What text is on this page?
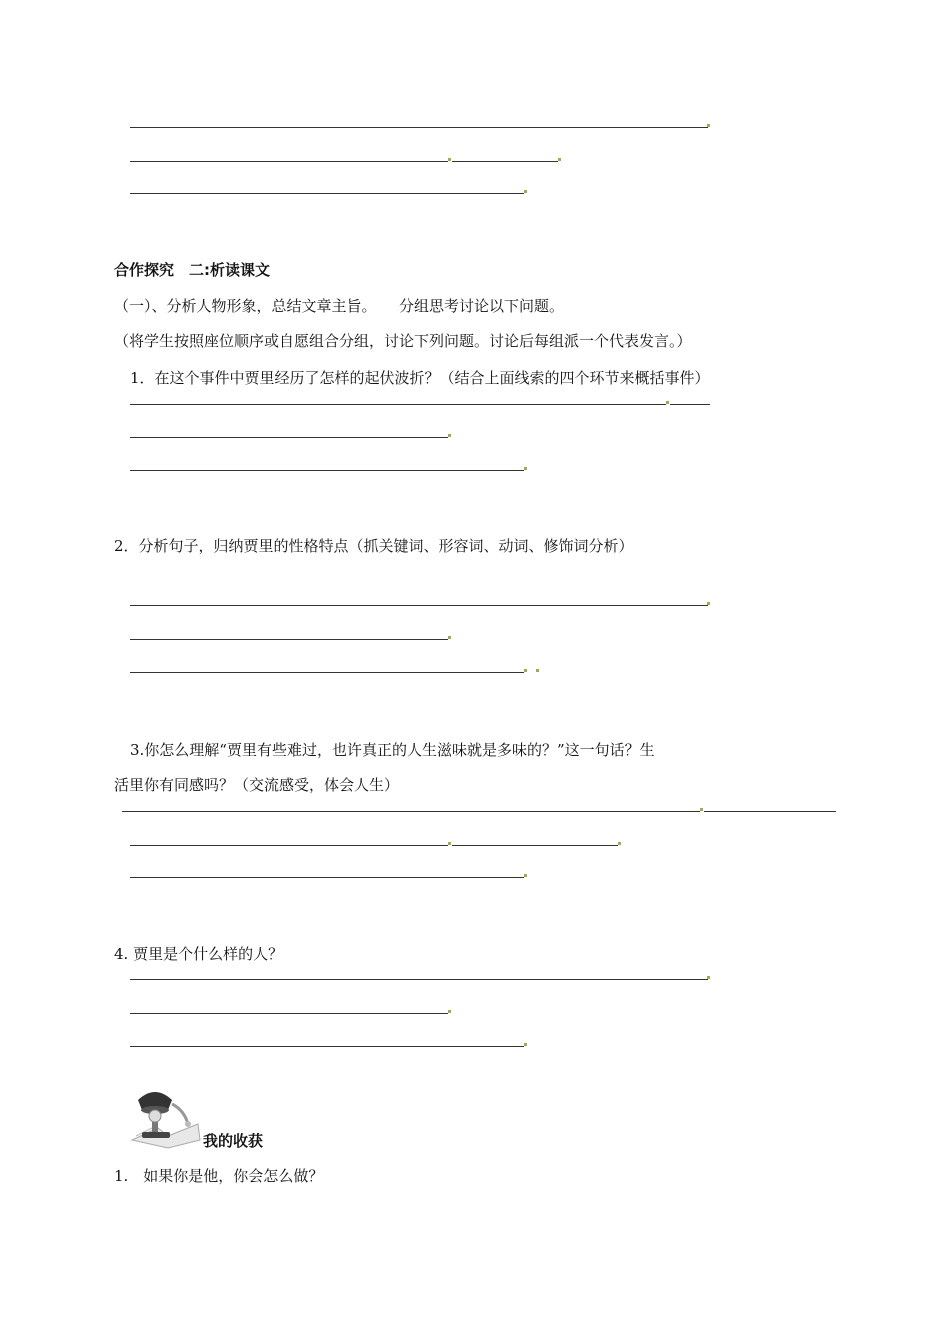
合作探究　二:析读课文
（一）、分析人物形象，总结文章主旨。　　分组思考讨论以下问题。
（将学生按照座位顺序或自愿组合分组，讨论下列问题。讨论后每组派一个代表发言。）
1．在这个事件中贾里经历了怎样的起伏波折？（结合上面线索的四个环节来概括事件）
2．分析句子，归纳贾里的性格特点（抓关键词、形容词、动词、修饰词分析）
3.你怎么理解“贾里有些难过，也许真正的人生滋味就是多味的？”这一句话？生
活里你有同感吗？（交流感受，体会人生）
4. 贾里是个什么样的人？
我的收获
1.　如果你是他，你会怎么做？
